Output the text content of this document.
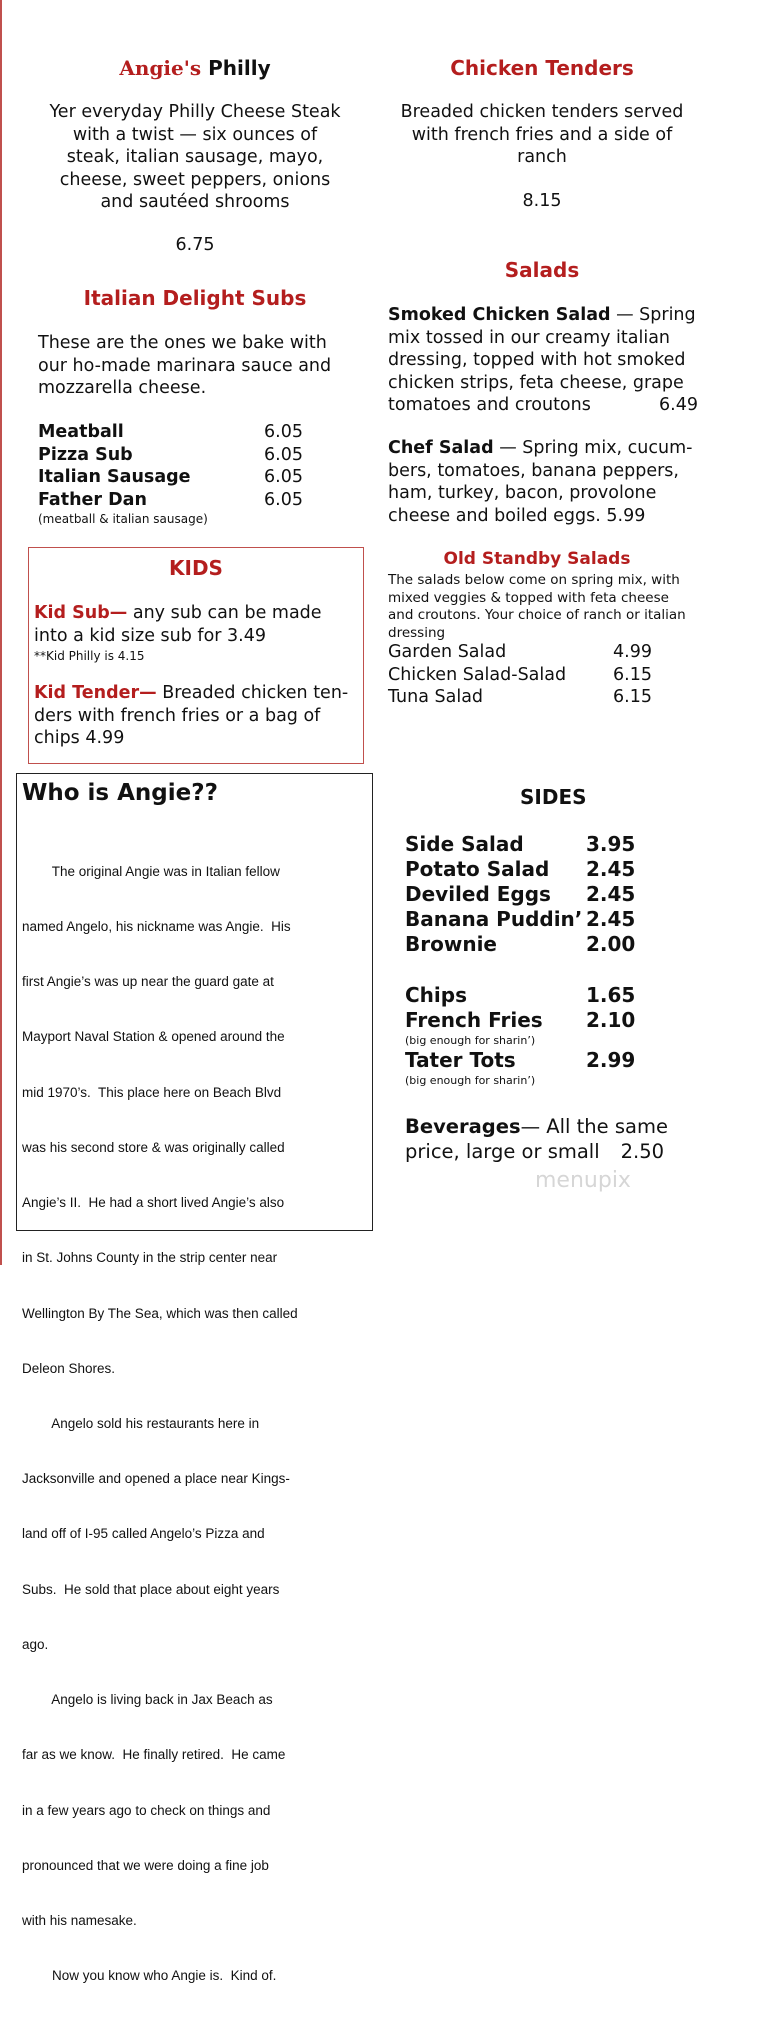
Angie's Philly
Yer everyday Philly Cheese Steak
with a twist — six ounces of
steak, italian sausage, mayo,
cheese, sweet peppers, onions
and sautéed shrooms
6.75
Italian Delight Subs
These are the ones we bake with
our ho-made marinara sauce and
mozzarella cheese.
Meatball	6.05
Pizza Sub	6.05
Italian Sausage	6.05
Father Dan	6.05
(meatball & italian sausage)
KIDS
Kid Sub— any sub can be made
into a kid size sub for 3.49
**Kid Philly is 4.15
Kid Tender— Breaded chicken ten-
ders with french fries or a bag of
chips 4.99
Who is Angie??

The original Angie was in Italian fellow

named Angelo, his nickname was Angie.  His

first Angie’s was up near the guard gate at

Mayport Naval Station & opened around the

mid 1970’s.  This place here on Beach Blvd

was his second store & was originally called

Angie’s II.  He had a short lived Angie’s also

in St. Johns County in the strip center near

Wellington By The Sea, which was then called

Deleon Shores.

Angelo sold his restaurants here in

Jacksonville and opened a place near Kings-

land off of I-95 called Angelo’s Pizza and

Subs.  He sold that place about eight years

ago.

Angelo is living back in Jax Beach as

far as we know.  He finally retired.  He came

in a few years ago to check on things and

pronounced that we were doing a fine job

with his namesake.

Now you know who Angie is.  Kind of.

Chicken Tenders
Breaded chicken tenders served
with french fries and a side of
ranch
8.15
Salads
Smoked Chicken Salad — Spring
mix tossed in our creamy italian
dressing, topped with hot smoked
chicken strips, feta cheese, grape
tomatoes and croutons	6.49
Chef Salad — Spring mix, cucum-
bers, tomatoes, banana peppers,
ham, turkey, bacon, provolone
cheese and boiled eggs. 5.99
Old Standby Salads
The salads below come on spring mix, with
mixed veggies & topped with feta cheese
and croutons. Your choice of ranch or italian
dressing
Garden Salad	4.99
Chicken Salad-Salad	6.15
Tuna Salad	6.15
SIDES
Side Salad	3.95
Potato Salad	2.45
Deviled Eggs	2.45
Banana Puddin’ 2.45
Brownie	2.00
Chips	1.65
French Fries	2.10
(big enough for sharin’)
Tater Tots	2.99
(big enough for sharin’)
Beverages— All the same
price, large or small 2.50
menupix
